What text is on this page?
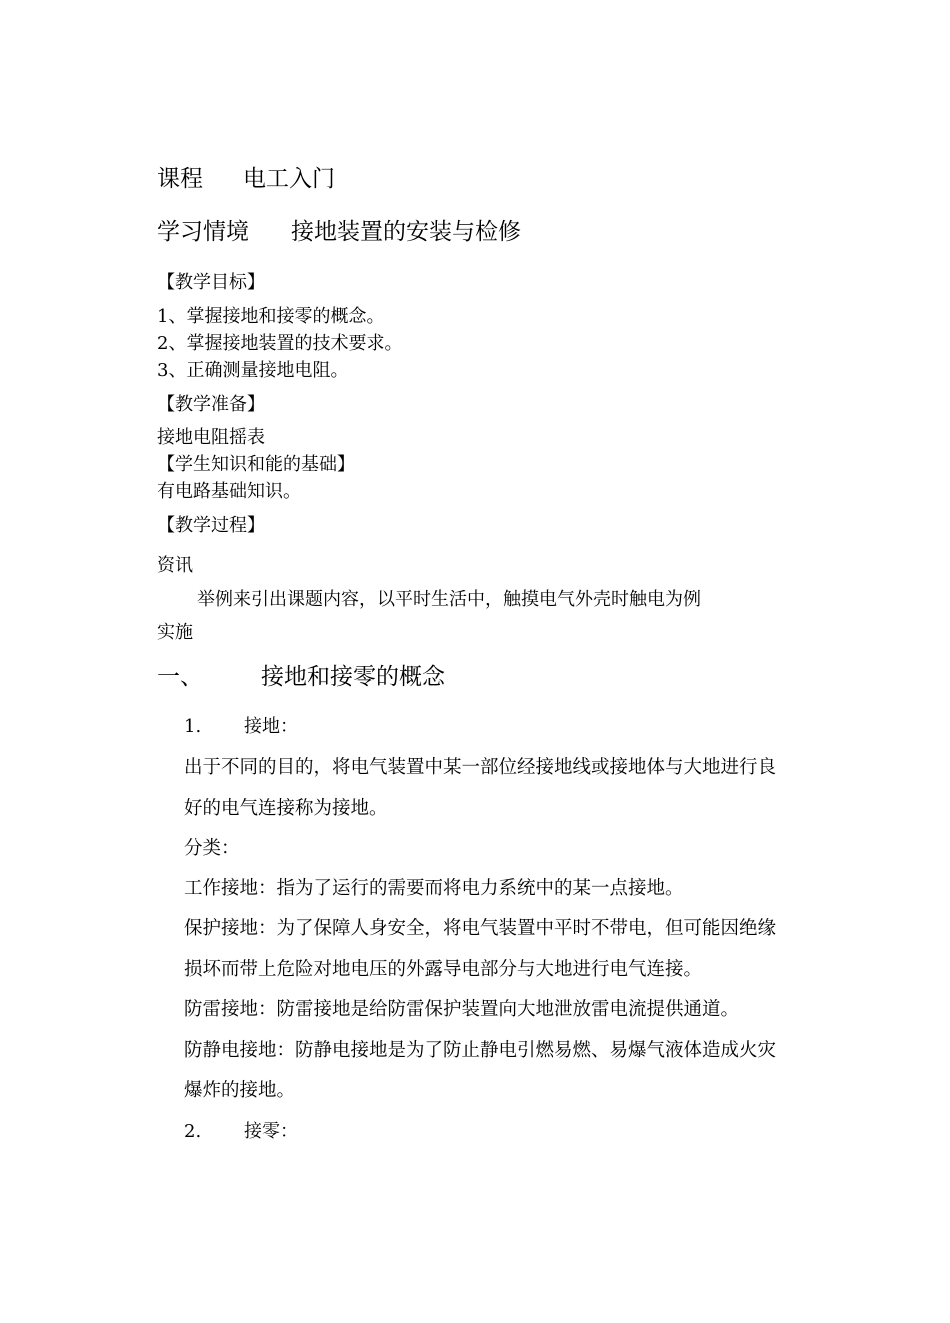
课程 电工入门
学习情境 接地装置的安装与检修
【教学目标】
1、掌握接地和接零的概念。
2、掌握接地装置的技术要求。
3、正确测量接地电阻。
【教学准备】
接地电阻摇表
【学生知识和能的基础】
有电路基础知识。
【教学过程】
资讯
举例来引出课题内容，以平时生活中，触摸电气外壳时触电为例
实施
一、	接地和接零的概念
1. 接地：
出于不同的目的，将电气装置中某一部位经接地线或接地体与大地进行良
好的电气连接称为接地。
分类：
工作接地：指为了运行的需要而将电力系统中的某一点接地。
保护接地：为了保障人身安全，将电气装置中平时不带电，但可能因绝缘
损坏而带上危险对地电压的外露导电部分与大地进行电气连接。
防雷接地：防雷接地是给防雷保护装置向大地泄放雷电流提供通道。
防静电接地：防静电接地是为了防止静电引燃易燃、易爆气液体造成火灾
爆炸的接地。
2. 接零：
